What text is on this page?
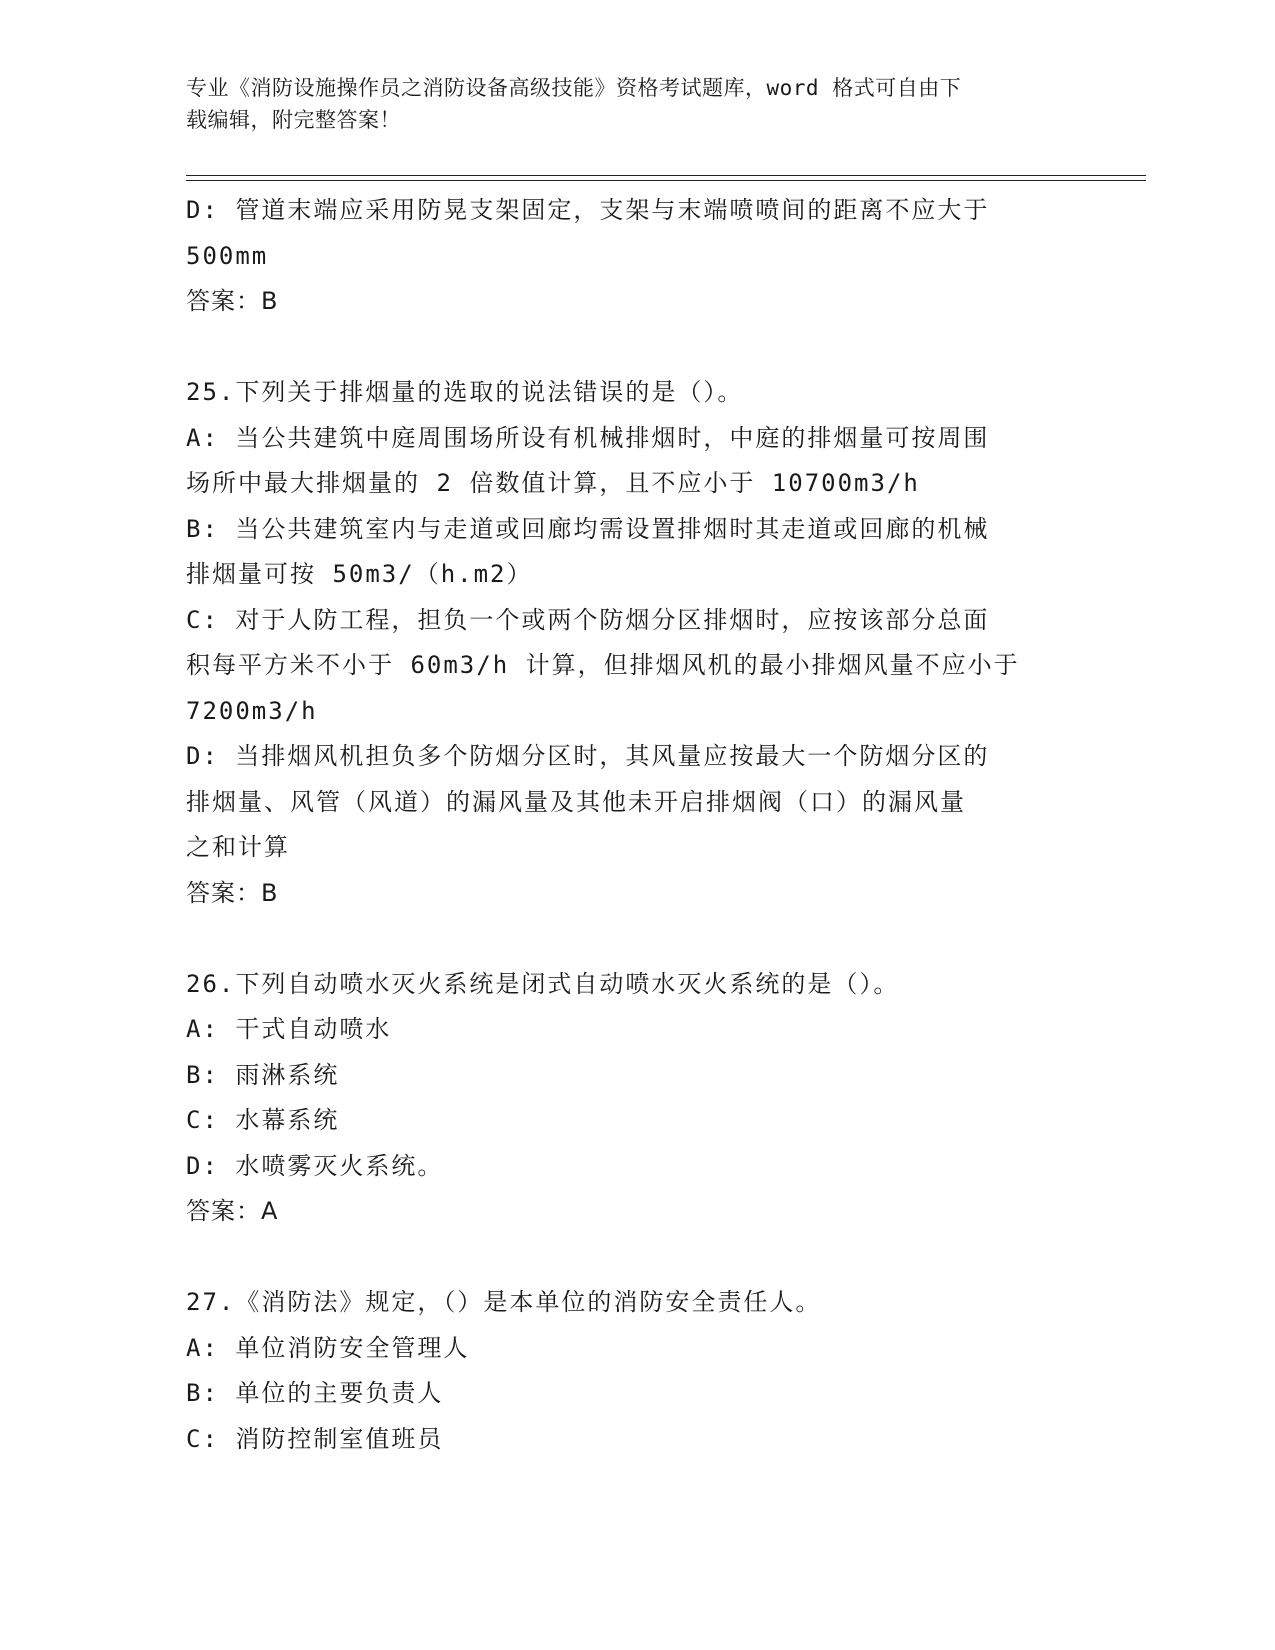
专业《消防设施操作员之消防设备高级技能》资格考试题库，word 格式可自由下
载编辑，附完整答案！
D: 管道末端应采用防晃支架固定，支架与末端喷喷间的距离不应大于
500mm
答案：B
25.下列关于排烟量的选取的说法错误的是（）。
A: 当公共建筑中庭周围场所设有机械排烟时，中庭的排烟量可按周围
场所中最大排烟量的 2 倍数值计算，且不应小于 10700m3/h
B: 当公共建筑室内与走道或回廊均需设置排烟时其走道或回廊的机械
排烟量可按 50m3/（h.m2）
C: 对于人防工程，担负一个或两个防烟分区排烟时，应按该部分总面
积每平方米不小于 60m3/h 计算，但排烟风机的最小排烟风量不应小于
7200m3/h
D: 当排烟风机担负多个防烟分区时，其风量应按最大一个防烟分区的
排烟量、风管（风道）的漏风量及其他未开启排烟阀（口）的漏风量
之和计算
答案：B
26.下列自动喷水灭火系统是闭式自动喷水灭火系统的是（）。
A: 干式自动喷水
B: 雨淋系统
C: 水幕系统
D: 水喷雾灭火系统。
答案：A
27.《消防法》规定，（）是本单位的消防安全责任人。
A: 单位消防安全管理人
B: 单位的主要负责人
C: 消防控制室值班员
